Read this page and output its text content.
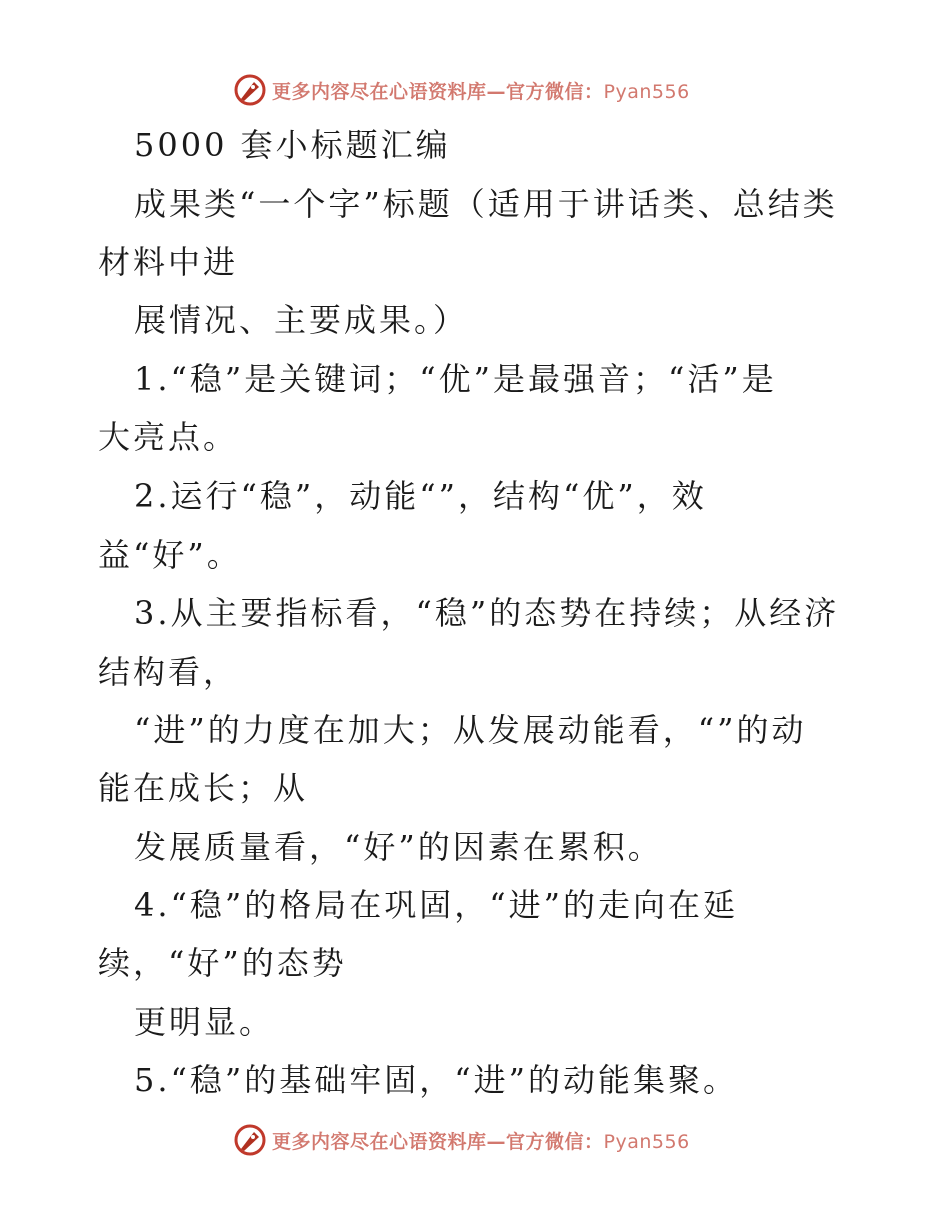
更多内容尽在心语资料库—官方微信：Pyan556
5000 套小标题汇编
成果类“一个字”标题（适用于讲话类、总结类
材料中进
展情况、主要成果。）
1.“稳”是关键词；“优”是最强音；“活”是
大亮点。
2.运行“稳”，动能“”，结构“优”，效
益“好”。
3.从主要指标看，“稳”的态势在持续；从经济
结构看，
“进”的力度在加大；从发展动能看，“”的动
能在成长；从
发展质量看，“好”的因素在累积。
4.“稳”的格局在巩固，“进”的走向在延
续，“好”的态势
更明显。
5.“稳”的基础牢固，“进”的动能集聚。
更多内容尽在心语资料库—官方微信：Pyan556
